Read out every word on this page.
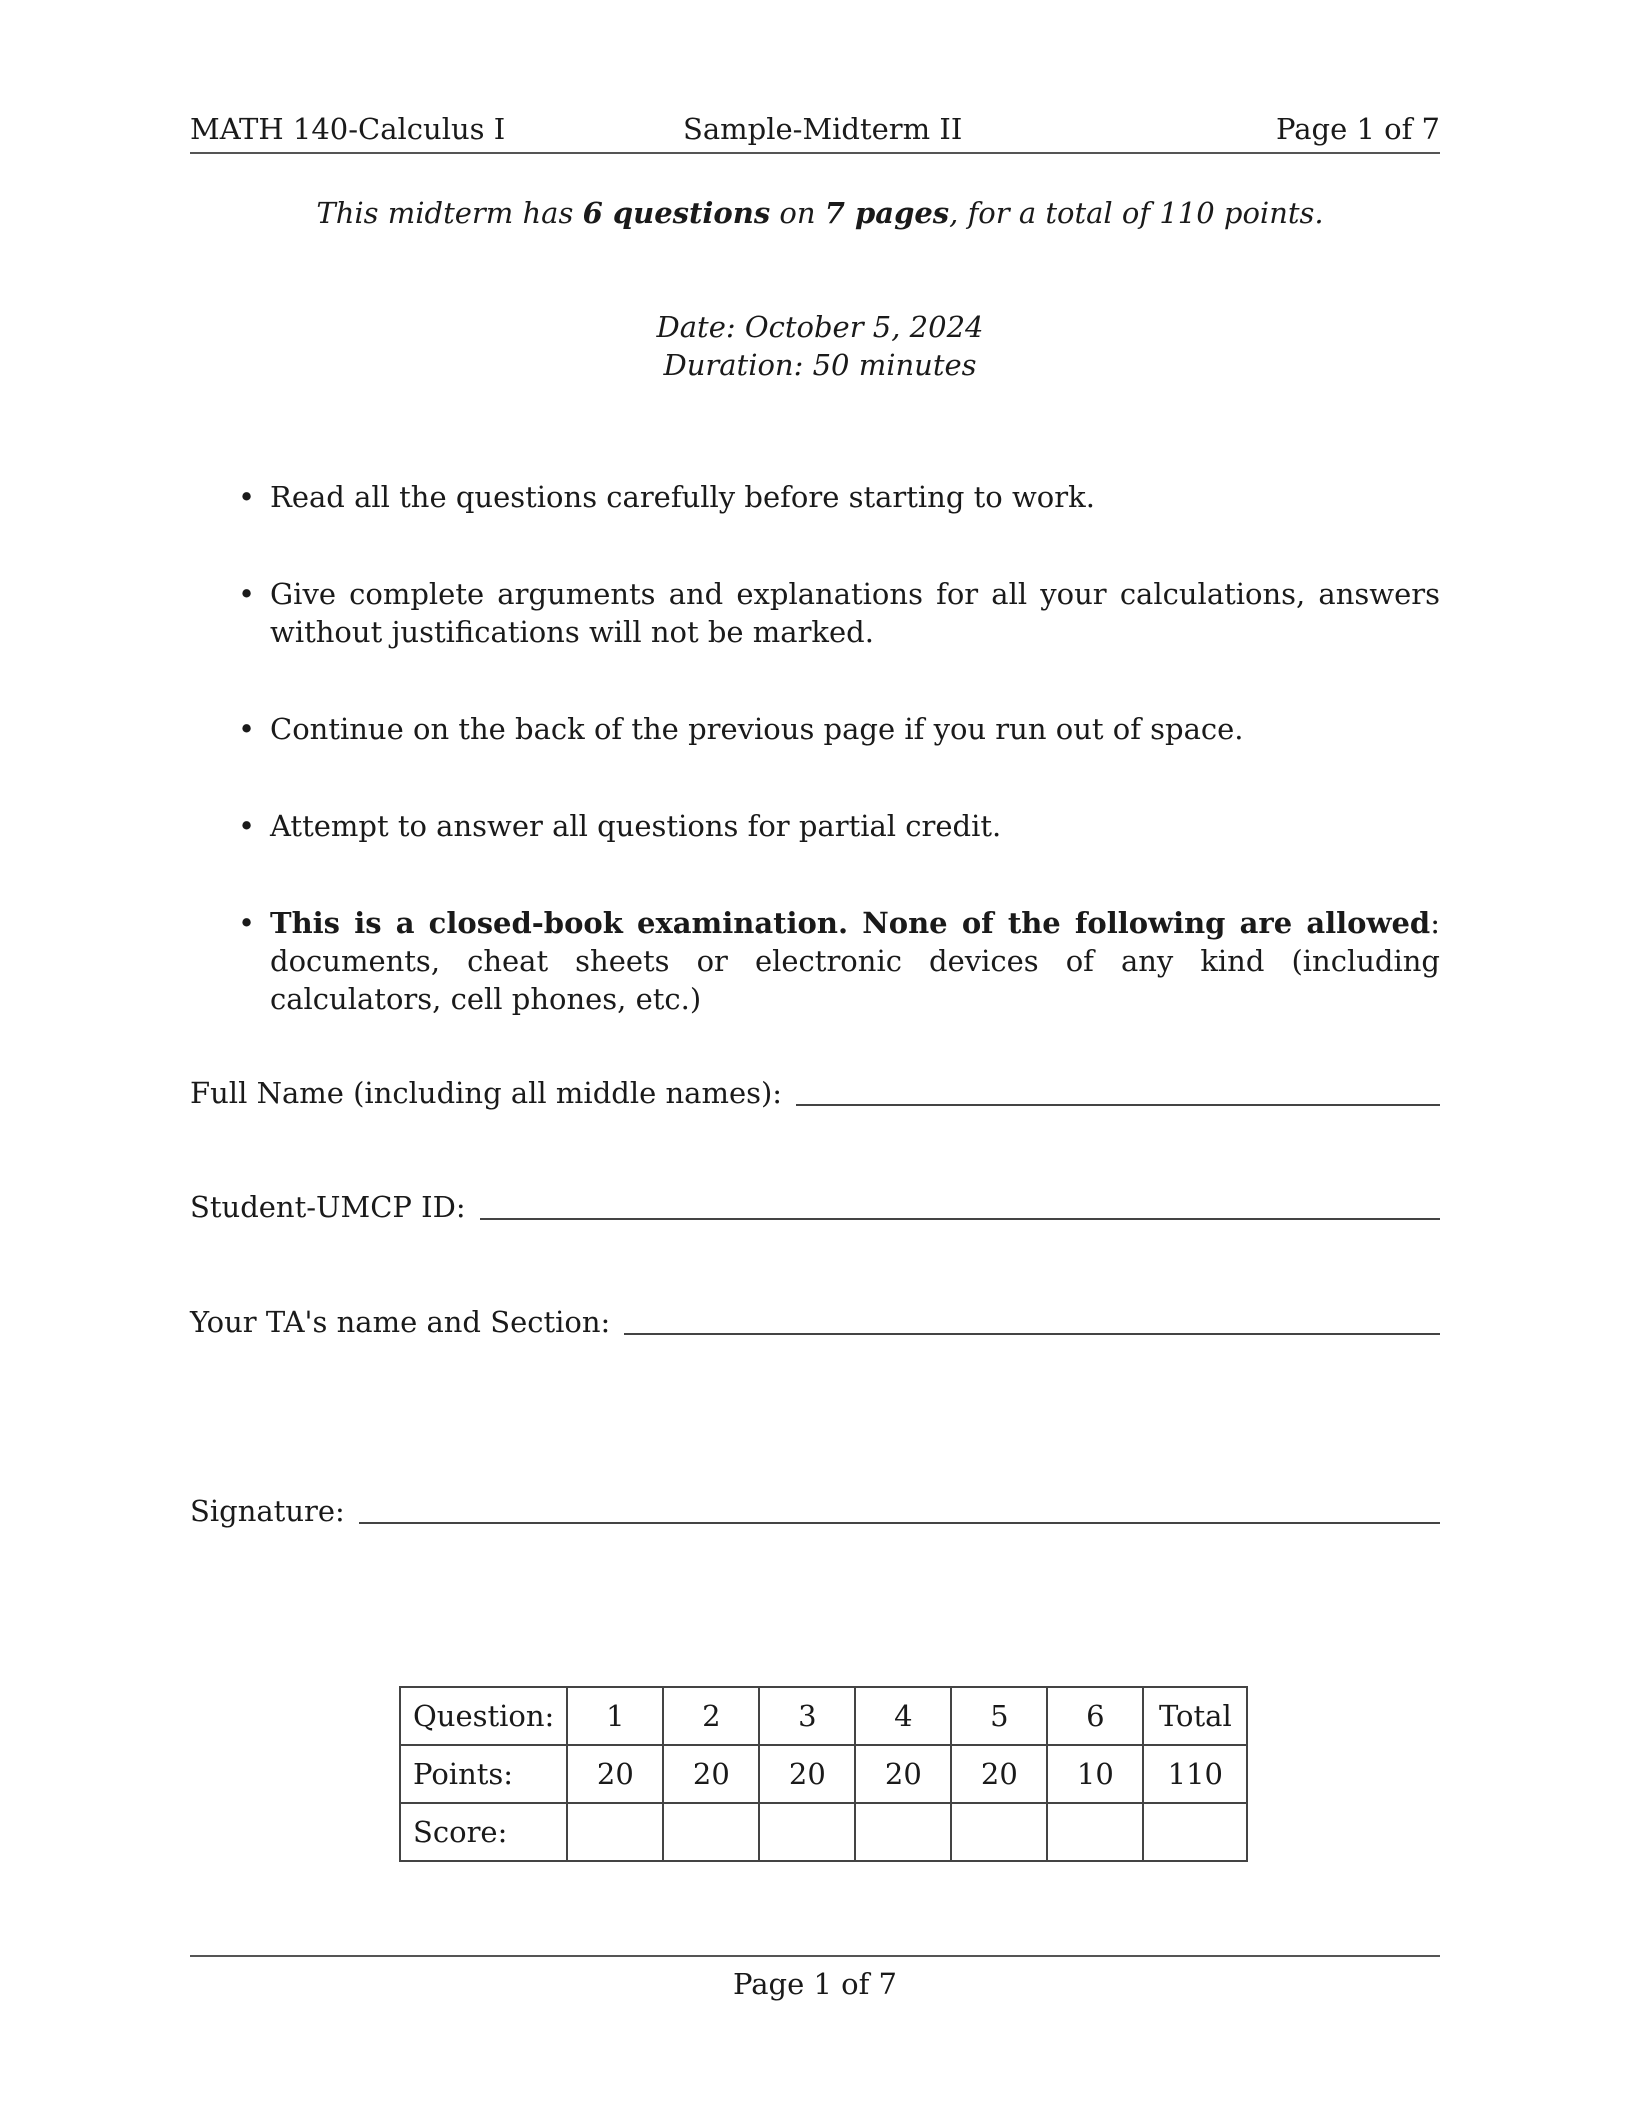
MATH 140-Calculus I	Sample-Midterm II	Page 1 of 7
This midterm has 6 questions on 7 pages, for a total of 110 points.
Date: October 5, 2024
Duration: 50 minutes
• Read all the questions carefully before starting to work.
• Give complete arguments and explanations for all your calculations, answers without justifications will not be marked.
• Continue on the back of the previous page if you run out of space.
• Attempt to answer all questions for partial credit.
• This is a closed-book examination. None of the following are allowed: documents, cheat sheets or electronic devices of any kind (including calculators, cell phones, etc.)
Full Name (including all middle names):
Student-UMCP ID:
Your TA's name and Section:
Signature:
Question:	1	2	3	4	5	6	Total
Points:	20	20	20	20	20	10	110
Score:							
Page 1 of 7
